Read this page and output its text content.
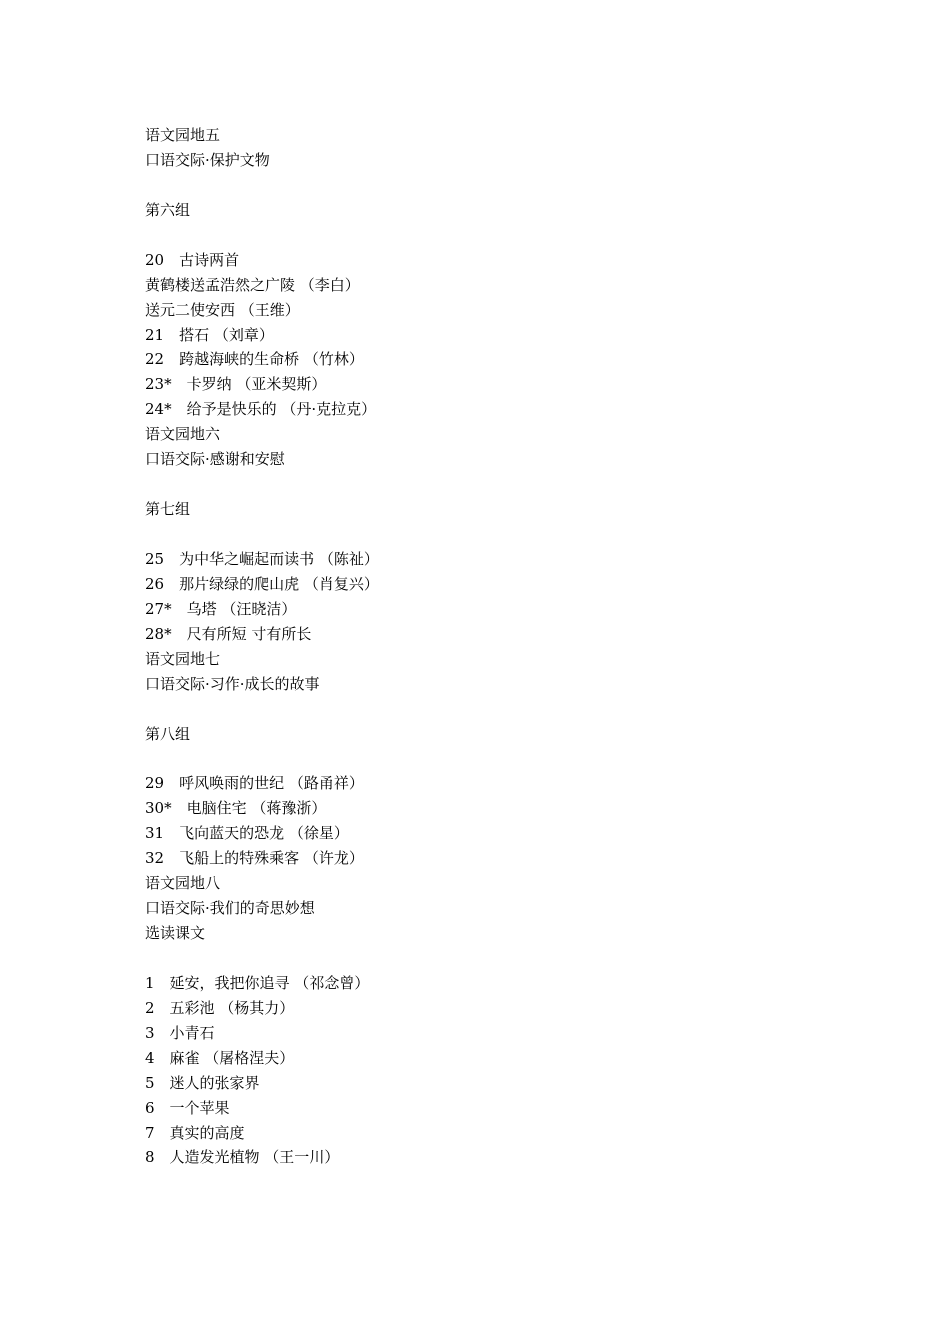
语文园地五
口语交际·保护文物
第六组
20　古诗两首
黄鹤楼送孟浩然之广陵 （李白）
送元二使安西 （王维）
21　搭石 （刘章）
22　跨越海峡的生命桥 （竹林）
23*　卡罗纳 （亚米契斯）
24*　给予是快乐的 （丹·克拉克）
语文园地六
口语交际·感谢和安慰
第七组
25　为中华之崛起而读书 （陈祉）
26　那片绿绿的爬山虎 （肖复兴）
27*　乌塔 （汪晓洁）
28*　尺有所短 寸有所长
语文园地七
口语交际·习作·成长的故事
第八组
29　呼风唤雨的世纪 （路甬祥）
30*　电脑住宅 （蒋豫浙）
31　飞向蓝天的恐龙 （徐星）
32　飞船上的特殊乘客 （许龙）
语文园地八
口语交际·我们的奇思妙想
选读课文
1　延安，我把你追寻 （祁念曾）
2　五彩池 （杨其力）
3　小青石
4　麻雀 （屠格涅夫）
5　迷人的张家界
6　一个苹果
7　真实的高度
8　人造发光植物 （王一川）
